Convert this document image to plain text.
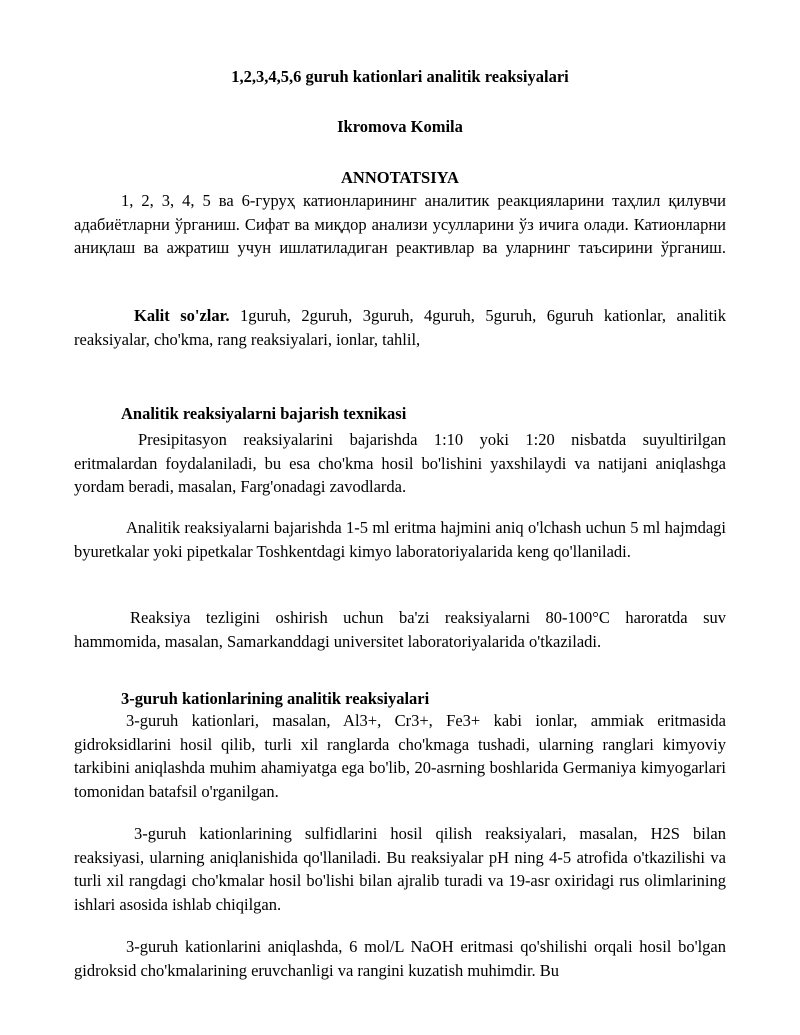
1,2,3,4,5,6 guruh kationlari analitik reaksiyalari
Ikromova Komila
ANNOTATSIYA
1, 2, 3, 4, 5 ва 6-гуруҳ катионларининг аналитик реакцияларини таҳлил қилувчи адабиётларни ўрганиш. Сифат ва миқдор анализи усулларини ўз ичига олади. Катионларни аниқлаш ва ажратиш учун ишлатиладиган реактивлар ва уларнинг таъсирини ўрганиш.
Kalit so'zlar. 1guruh, 2guruh, 3guruh, 4guruh, 5guruh, 6guruh kationlar, analitik reaksiyalar, cho'kma, rang reaksiyalari, ionlar, tahlil,
Analitik reaksiyalarni bajarish texnikasi
Presipitasyon reaksiyalarini bajarishda 1:10 yoki 1:20 nisbatda suyultirilgan eritmalardan foydalaniladi, bu esa cho'kma hosil bo'lishini yaxshilaydi va natijani aniqlashga yordam beradi, masalan, Farg'onadagi zavodlarda.
Analitik reaksiyalarni bajarishda 1-5 ml eritma hajmini aniq o'lchash uchun 5 ml hajmdagi byuretkalar yoki pipetkalar Toshkentdagi kimyo laboratoriyalarida keng qo'llaniladi.
Reaksiya tezligini oshirish uchun ba'zi reaksiyalarni 80-100°C haroratda suv hammomida, masalan, Samarkanddagi universitet laboratoriyalarida o'tkaziladi.
3-guruh kationlarining analitik reaksiyalari
3-guruh kationlari, masalan, Al3+, Cr3+, Fe3+ kabi ionlar, ammiak eritmasida gidroksidlarini hosil qilib, turli xil ranglarda cho'kmaga tushadi, ularning ranglari kimyoviy tarkibini aniqlashda muhim ahamiyatga ega bo'lib, 20-asrning boshlarida Germaniya kimyogarlari tomonidan batafsil o'rganilgan.
3-guruh kationlarining sulfidlarini hosil qilish reaksiyalari, masalan, H2S bilan reaksiyasi, ularning aniqlanishida qo'llaniladi. Bu reaksiyalar pH ning 4-5 atrofida o'tkazilishi va turli xil rangdagi cho'kmalar hosil bo'lishi bilan ajralib turadi va 19-asr oxiridagi rus olimlarining ishlari asosida ishlab chiqilgan.
3-guruh kationlarini aniqlashda, 6 mol/L NaOH eritmasi qo'shilishi orqali hosil bo'lgan gidroksid cho'kmalarining eruvchanligi va rangini kuzatish muhimdir. Bu
